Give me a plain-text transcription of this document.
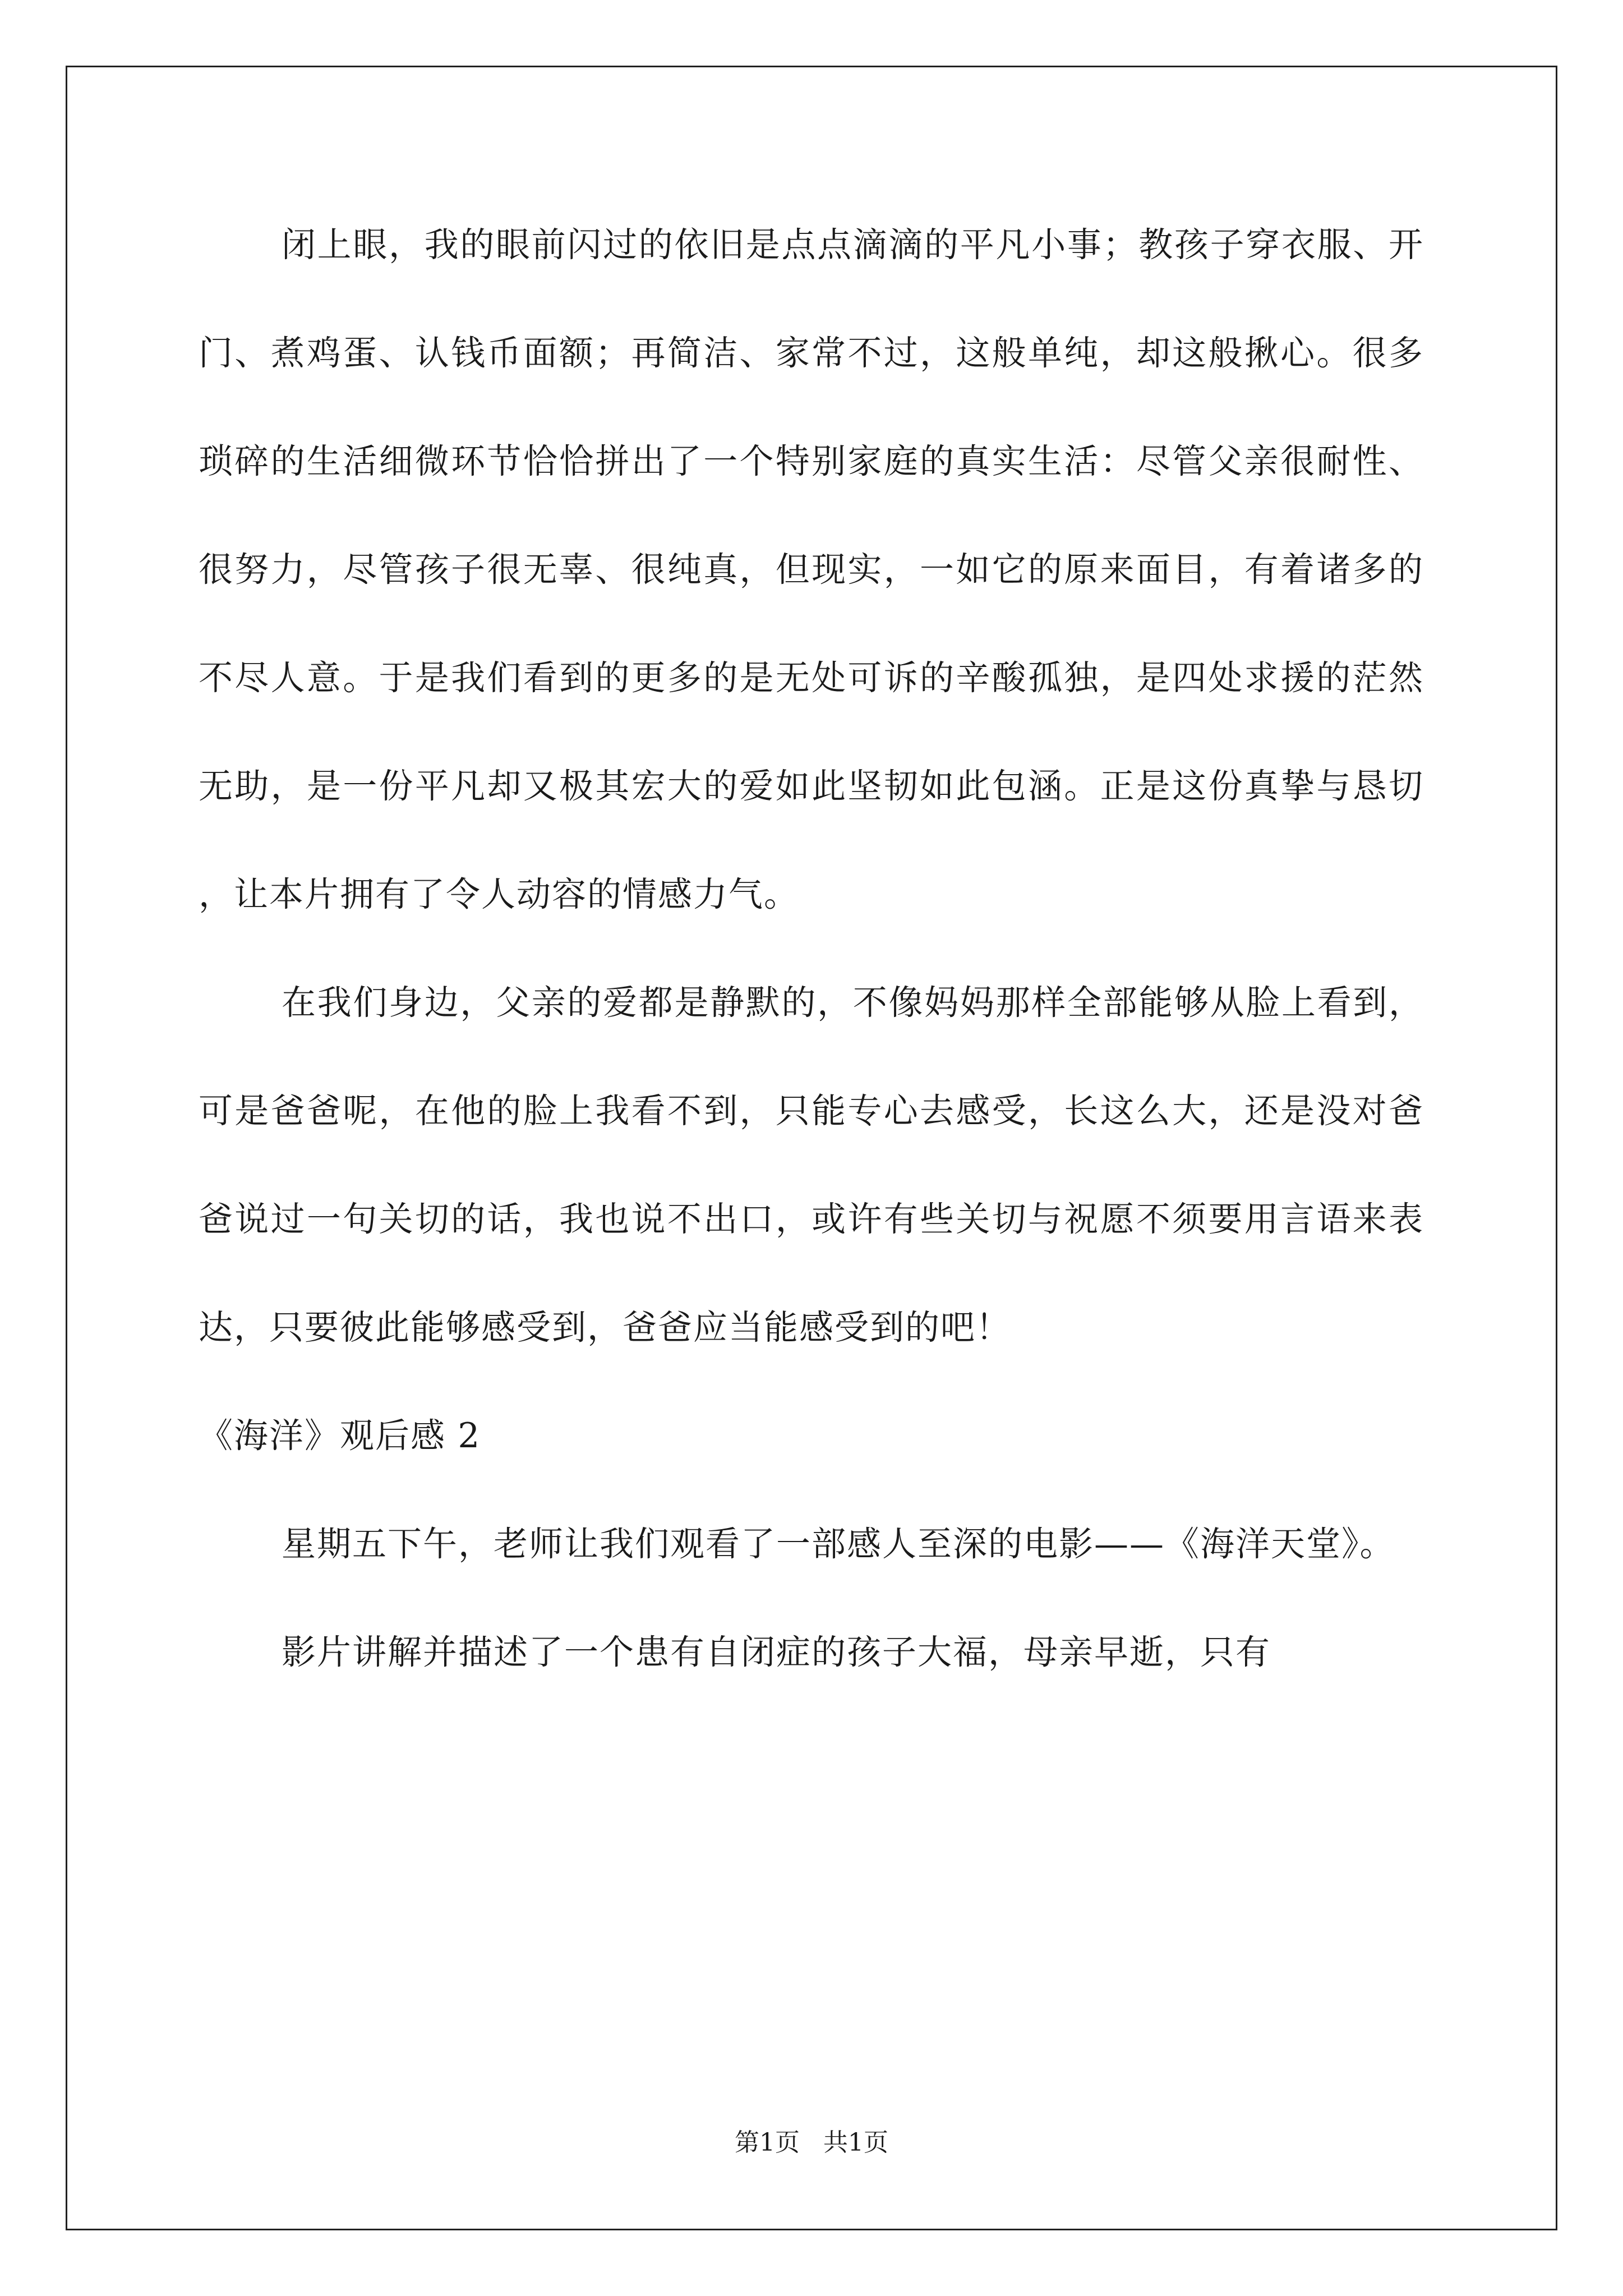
闭上眼，我的眼前闪过的依旧是点点滴滴的平凡小事；教孩子穿衣服、开门、煮鸡蛋、认钱币面额；再简洁、家常不过，这般单纯，却这般揪心。很多琐碎的生活细微环节恰恰拼出了一个特别家庭的真实生活：尽管父亲很耐性、很努力，尽管孩子很无辜、很纯真，但现实，一如它的原来面目，有着诸多的不尽人意。于是我们看到的更多的是无处可诉的辛酸孤独，是四处求援的茫然无助，是一份平凡却又极其宏大的爱如此坚韧如此包涵。正是这份真挚与恳切，让本片拥有了令人动容的情感力气。

在我们身边，父亲的爱都是静默的，不像妈妈那样全部能够从脸上看到，可是爸爸呢，在他的脸上我看不到，只能专心去感受，长这么大，还是没对爸爸说过一句关切的话，我也说不出口，或许有些关切与祝愿不须要用言语来表达，只要彼此能够感受到，爸爸应当能感受到的吧！

《海洋》观后感 2

星期五下午，老师让我们观看了一部感人至深的电影——《海洋天堂》。

影片讲解并描述了一个患有自闭症的孩子大福，母亲早逝，只有

第1页 共1页
